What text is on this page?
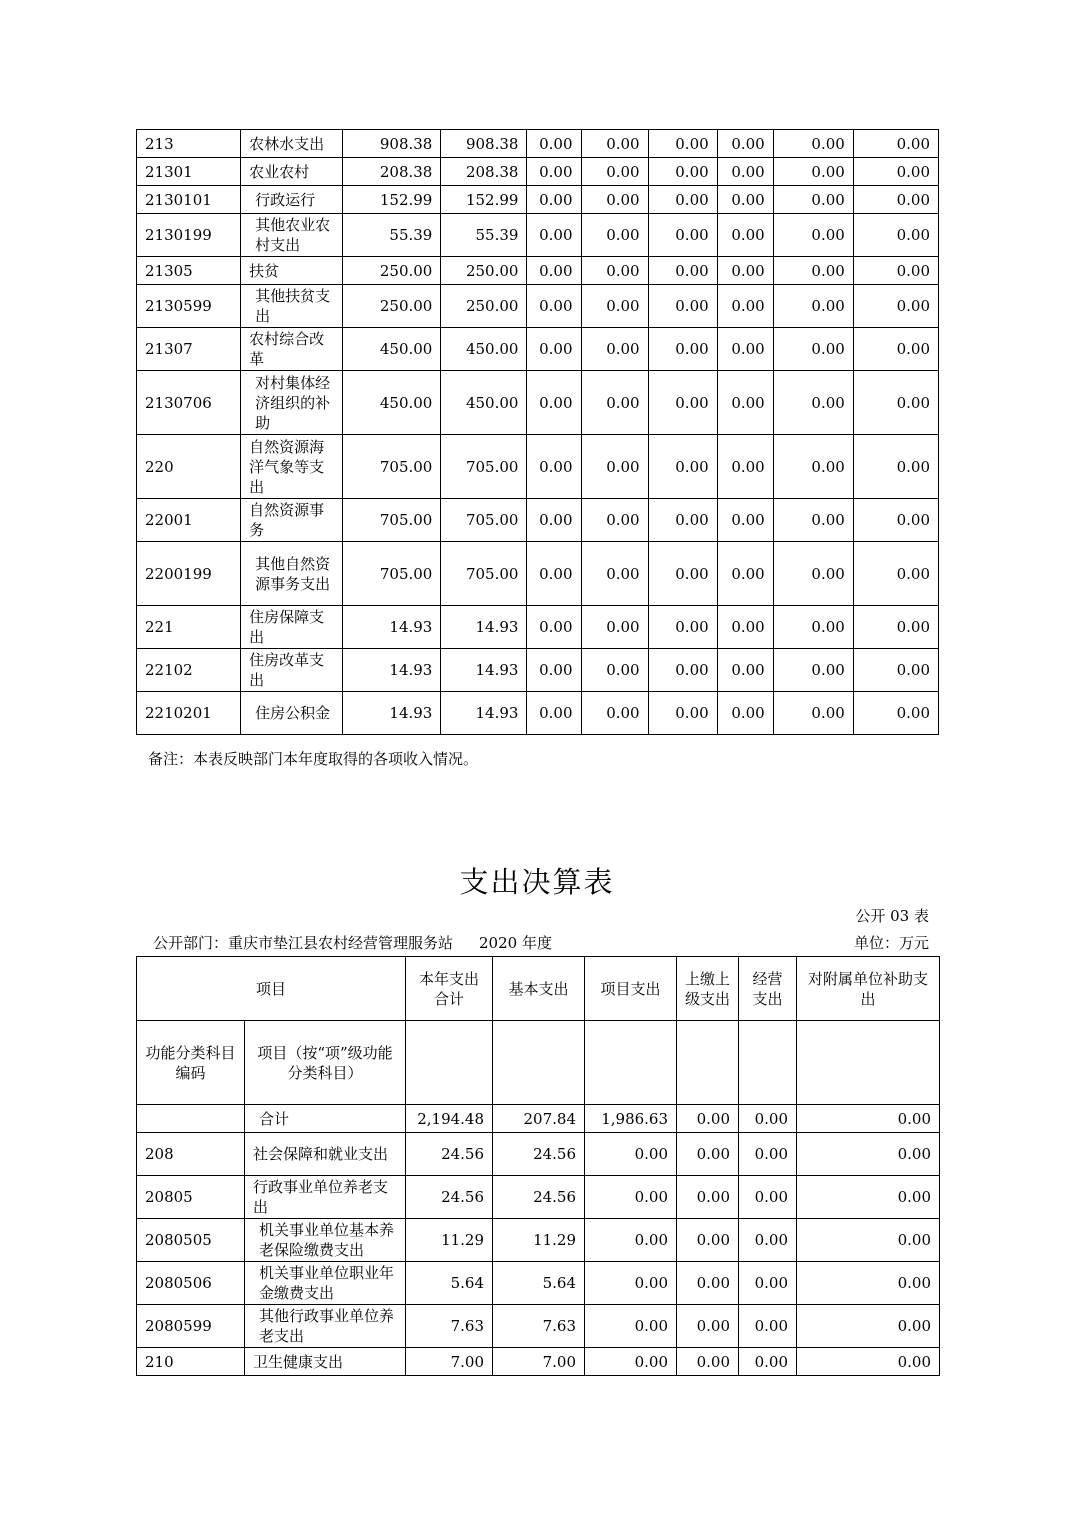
213	农林水支出	908.38	908.38	0.00	0.00	0.00	0.00	0.00	0.00
21301	农业农村	208.38	208.38	0.00	0.00	0.00	0.00	0.00	0.00
2130101	行政运行	152.99	152.99	0.00	0.00	0.00	0.00	0.00	0.00
2130199	其他农业农村支出	55.39	55.39	0.00	0.00	0.00	0.00	0.00	0.00
21305	扶贫	250.00	250.00	0.00	0.00	0.00	0.00	0.00	0.00
2130599	其他扶贫支出	250.00	250.00	0.00	0.00	0.00	0.00	0.00	0.00
21307	农村综合改革	450.00	450.00	0.00	0.00	0.00	0.00	0.00	0.00
2130706	对村集体经济组织的补助	450.00	450.00	0.00	0.00	0.00	0.00	0.00	0.00
220	自然资源海洋气象等支出	705.00	705.00	0.00	0.00	0.00	0.00	0.00	0.00
22001	自然资源事务	705.00	705.00	0.00	0.00	0.00	0.00	0.00	0.00
2200199	其他自然资源事务支出	705.00	705.00	0.00	0.00	0.00	0.00	0.00	0.00
221	住房保障支出	14.93	14.93	0.00	0.00	0.00	0.00	0.00	0.00
22102	住房改革支出	14.93	14.93	0.00	0.00	0.00	0.00	0.00	0.00
2210201	住房公积金	14.93	14.93	0.00	0.00	0.00	0.00	0.00	0.00
备注：本表反映部门本年度取得的各项收入情况。
支出决算表
公开 03 表
公开部门：重庆市垫江县农村经营管理服务站 2020 年度	单位：万元
项目		本年支出合计	基本支出	项目支出	上缴上级支出	经营支出	对附属单位补助支出
功能分类科目编码	项目（按“项”级功能分类科目）						
	合计	2,194.48	207.84	1,986.63	0.00	0.00	0.00
208	社会保障和就业支出	24.56	24.56	0.00	0.00	0.00	0.00
20805	行政事业单位养老支出	24.56	24.56	0.00	0.00	0.00	0.00
2080505	机关事业单位基本养老保险缴费支出	11.29	11.29	0.00	0.00	0.00	0.00
2080506	机关事业单位职业年金缴费支出	5.64	5.64	0.00	0.00	0.00	0.00
2080599	其他行政事业单位养老支出	7.63	7.63	0.00	0.00	0.00	0.00
210	卫生健康支出	7.00	7.00	0.00	0.00	0.00	0.00
